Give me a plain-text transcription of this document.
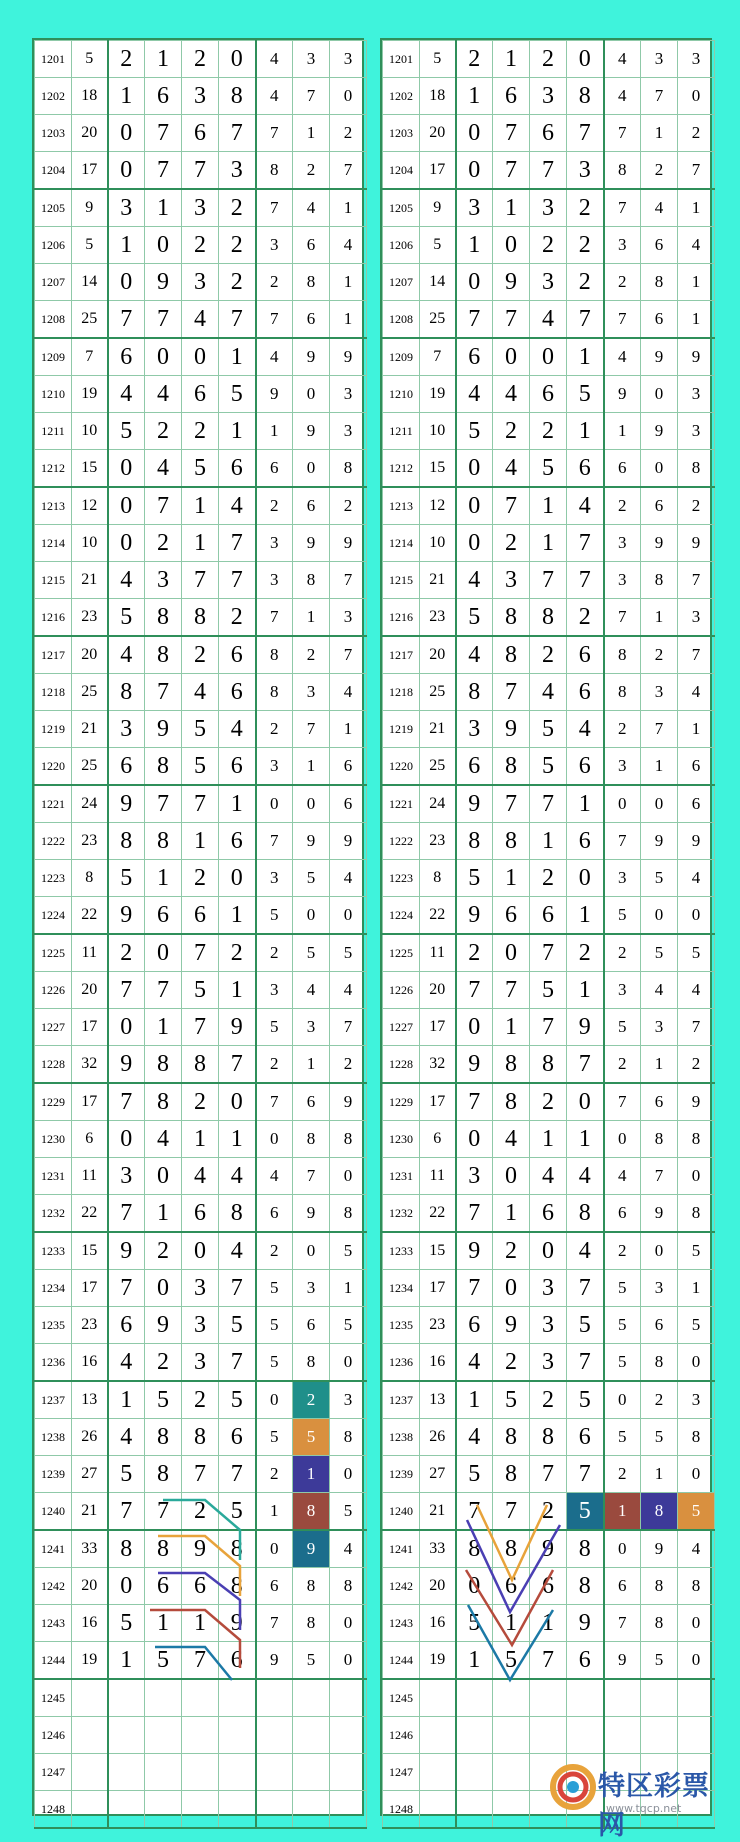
1201	5	2	1	2	0	4	3	3
1202	18	1	6	3	8	4	7	0
1203	20	0	7	6	7	7	1	2
1204	17	0	7	7	3	8	2	7
1205	9	3	1	3	2	7	4	1
1206	5	1	0	2	2	3	6	4
1207	14	0	9	3	2	2	8	1
1208	25	7	7	4	7	7	6	1
1209	7	6	0	0	1	4	9	9
1210	19	4	4	6	5	9	0	3
1211	10	5	2	2	1	1	9	3
1212	15	0	4	5	6	6	0	8
1213	12	0	7	1	4	2	6	2
1214	10	0	2	1	7	3	9	9
1215	21	4	3	7	7	3	8	7
1216	23	5	8	8	2	7	1	3
1217	20	4	8	2	6	8	2	7
1218	25	8	7	4	6	8	3	4
1219	21	3	9	5	4	2	7	1
1220	25	6	8	5	6	3	1	6
1221	24	9	7	7	1	0	0	6
1222	23	8	8	1	6	7	9	9
1223	8	5	1	2	0	3	5	4
1224	22	9	6	6	1	5	0	0
1225	11	2	0	7	2	2	5	5
1226	20	7	7	5	1	3	4	4
1227	17	0	1	7	9	5	3	7
1228	32	9	8	8	7	2	1	2
1229	17	7	8	2	0	7	6	9
1230	6	0	4	1	1	0	8	8
1231	11	3	0	4	4	4	7	0
1232	22	7	1	6	8	6	9	8
1233	15	9	2	0	4	2	0	5
1234	17	7	0	3	7	5	3	1
1235	23	6	9	3	5	5	6	5
1236	16	4	2	3	7	5	8	0
1237	13	1	5	2	5	0	2	3
1238	26	4	8	8	6	5	5	8
1239	27	5	8	7	7	2	1	0
1240	21	7	7	2	5	1	8	5
1241	33	8	8	9	8	0	9	4
1242	20	0	6	6	8	6	8	8
1243	16	5	1	1	9	7	8	0
1244	19	1	5	7	6	9	5	0
1245								
1246								
1247								
1248								
1201	5	2	1	2	0	4	3	3
1202	18	1	6	3	8	4	7	0
1203	20	0	7	6	7	7	1	2
1204	17	0	7	7	3	8	2	7
1205	9	3	1	3	2	7	4	1
1206	5	1	0	2	2	3	6	4
1207	14	0	9	3	2	2	8	1
1208	25	7	7	4	7	7	6	1
1209	7	6	0	0	1	4	9	9
1210	19	4	4	6	5	9	0	3
1211	10	5	2	2	1	1	9	3
1212	15	0	4	5	6	6	0	8
1213	12	0	7	1	4	2	6	2
1214	10	0	2	1	7	3	9	9
1215	21	4	3	7	7	3	8	7
1216	23	5	8	8	2	7	1	3
1217	20	4	8	2	6	8	2	7
1218	25	8	7	4	6	8	3	4
1219	21	3	9	5	4	2	7	1
1220	25	6	8	5	6	3	1	6
1221	24	9	7	7	1	0	0	6
1222	23	8	8	1	6	7	9	9
1223	8	5	1	2	0	3	5	4
1224	22	9	6	6	1	5	0	0
1225	11	2	0	7	2	2	5	5
1226	20	7	7	5	1	3	4	4
1227	17	0	1	7	9	5	3	7
1228	32	9	8	8	7	2	1	2
1229	17	7	8	2	0	7	6	9
1230	6	0	4	1	1	0	8	8
1231	11	3	0	4	4	4	7	0
1232	22	7	1	6	8	6	9	8
1233	15	9	2	0	4	2	0	5
1234	17	7	0	3	7	5	3	1
1235	23	6	9	3	5	5	6	5
1236	16	4	2	3	7	5	8	0
1237	13	1	5	2	5	0	2	3
1238	26	4	8	8	6	5	5	8
1239	27	5	8	7	7	2	1	0
1240	21	7	7	2	5	1	8	5
1241	33	8	8	9	8	0	9	4
1242	20	0	6	6	8	6	8	8
1243	16	5	1	1	9	7	8	0
1244	19	1	5	7	6	9	5	0
1245								
1246								
1247								
1248								
特区彩票网
www.tqcp.net
